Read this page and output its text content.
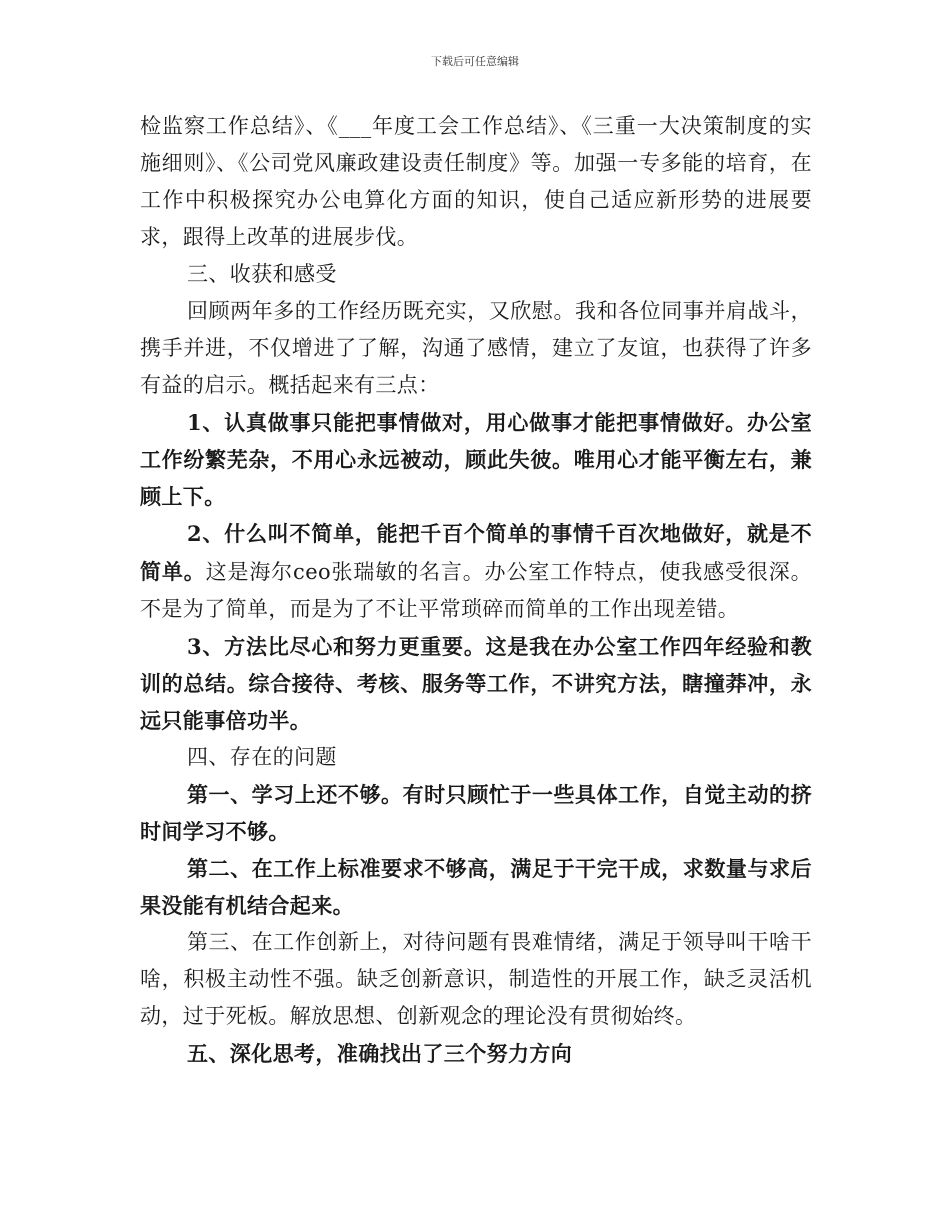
下载后可任意编辑

检监察工作总结》、《___年度工会工作总结》、《三重一大决策制度的实施细则》、《公司党风廉政建设责任制度》等。加强一专多能的培育，在工作中积极探究办公电算化方面的知识，使自己适应新形势的进展要求，跟得上改革的进展步伐。

三、收获和感受

回顾两年多的工作经历既充实，又欣慰。我和各位同事并肩战斗，携手并进，不仅增进了了解，沟通了感情，建立了友谊，也获得了许多有益的启示。概括起来有三点：

1、认真做事只能把事情做对，用心做事才能把事情做好。办公室工作纷繁芜杂，不用心永远被动，顾此失彼。唯用心才能平衡左右，兼顾上下。

2、什么叫不简单，能把千百个简单的事情千百次地做好，就是不简单。这是海尔ceo张瑞敏的名言。办公室工作特点，使我感受很深。不是为了简单，而是为了不让平常琐碎而简单的工作出现差错。

3、方法比尽心和努力更重要。这是我在办公室工作四年经验和教训的总结。综合接待、考核、服务等工作，不讲究方法，瞎撞莽冲，永远只能事倍功半。

四、存在的问题

第一、学习上还不够。有时只顾忙于一些具体工作，自觉主动的挤时间学习不够。

第二、在工作上标准要求不够高，满足于干完干成，求数量与求后果没能有机结合起来。

第三、在工作创新上，对待问题有畏难情绪，满足于领导叫干啥干啥，积极主动性不强。缺乏创新意识，制造性的开展工作，缺乏灵活机动，过于死板。解放思想、创新观念的理论没有贯彻始终。

五、深化思考，准确找出了三个努力方向
